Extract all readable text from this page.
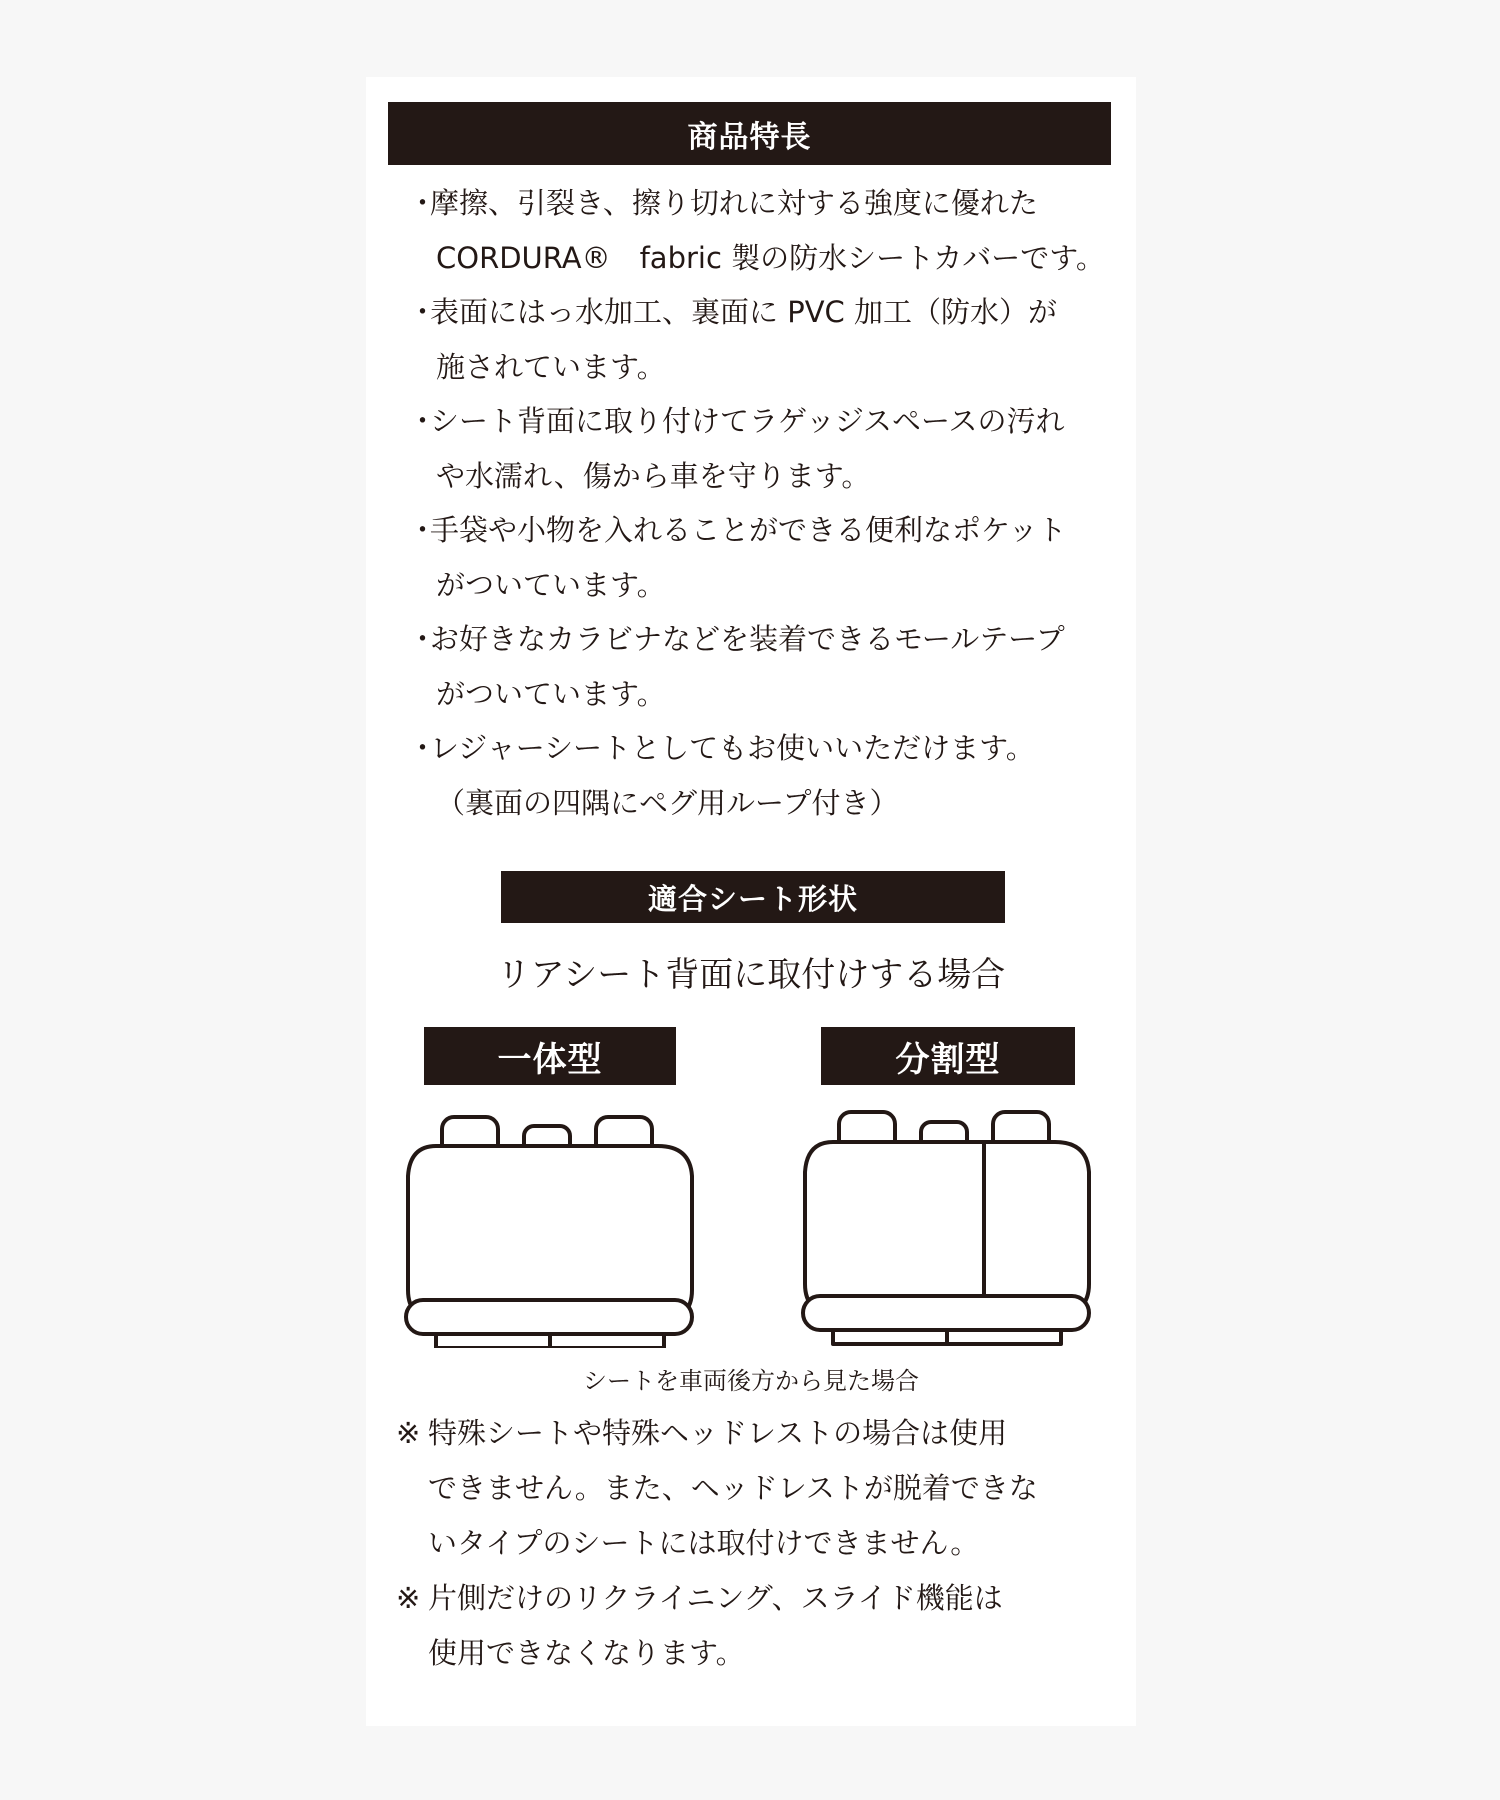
商品特長
・
摩擦、引裂き、擦り切れに対する強度に優れた
CORDURA®　fabric 製の防水シートカバーです。
・
表面にはっ水加工、裏面に PVC 加工（防水）が
施されています。
・
シート背面に取り付けてラゲッジスペースの汚れ
や水濡れ、傷から車を守ります。
・
手袋や小物を入れることができる便利なポケット
がついています。
・
お好きなカラビナなどを装着できるモールテープ
がついています。
・
レジャーシートとしてもお使いいただけます。
（裏面の四隅にペグ用ループ付き）
適合シート形状
リアシート背面に取付けする場合
一体型	分割型
シートを車両後方から見た場合
※ 特殊シートや特殊ヘッドレストの場合は使用
できません。また、ヘッドレストが脱着できな
いタイプのシートには取付けできません。
※ 片側だけのリクライニング、スライド機能は
使用できなくなります。
